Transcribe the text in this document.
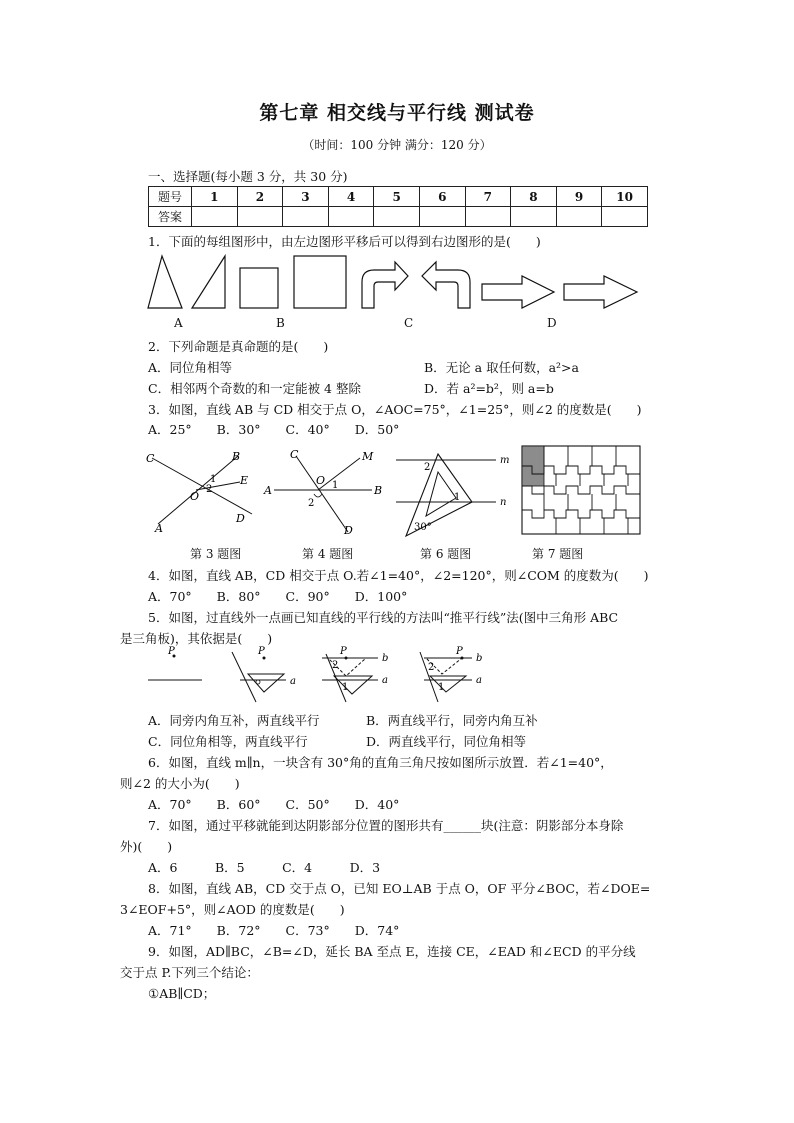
第七章 相交线与平行线 测试卷
（时间：100 分钟 满分：120 分）
一、选择题(每小题 3 分，共 30 分)
题号	1	2	3	4	5	6	7	8	9	10
答案										
1．下面的每组图形中，由左边图形平移后可以得到右边图形的是(　　)
A	B	C	D
2．下列命题是真命题的是(　　)
A．同位角相等	B．无论 a 取任何数，a²>a
C．相邻两个奇数的和一定能被 4 整除	D．若 a²=b²，则 a=b
3．如图，直线 AB 与 CD 相交于点 O，∠AOC=75°，∠1=25°，则∠2 的度数是(　　)
A．25°　　B．30°　　C．40°　　D．50°
C	B
E
A
D
O
1
2
C	M
A	B
O 1
2
D
m
n
2
1
30°
第 3 题图	第 4 题图	第 6 题图	第 7 题图
4．如图，直线 AB，CD 相交于点 O.若∠1=40°，∠2=120°，则∠COM 的度数为(　　)
A．70°　　B．80°　　C．90°　　D．100°
5．如图，过直线外一点画已知直线的平行线的方法叫“推平行线”法(图中三角形 ABC
是三角板)，其依据是(　　)
P	P
a
P
b
a
2
1
P
b
a
2
1
A．同旁内角互补，两直线平行	B．两直线平行，同旁内角互补
C．同位角相等，两直线平行	D．两直线平行，同位角相等
6．如图，直线 m∥n，一块含有 30°角的直角三角尺按如图所示放置．若∠1=40°，
则∠2 的大小为(　　)
A．70°　　B．60°　　C．50°　　D．40°
7．如图，通过平移就能到达阴影部分位置的图形共有______块(注意：阴影部分本身除
外)(　　)
A．6　　　B．5　　　C．4　　　D．3
8．如图，直线 AB，CD 交于点 O，已知 EO⊥AB 于点 O，OF 平分∠BOC，若∠DOE=
3∠EOF+5°，则∠AOD 的度数是(　　)
A．71°　　B．72°　　C．73°　　D．74°
9．如图，AD∥BC，∠B=∠D，延长 BA 至点 E，连接 CE，∠EAD 和∠ECD 的平分线
交于点 P.下列三个结论：
①AB∥CD；
